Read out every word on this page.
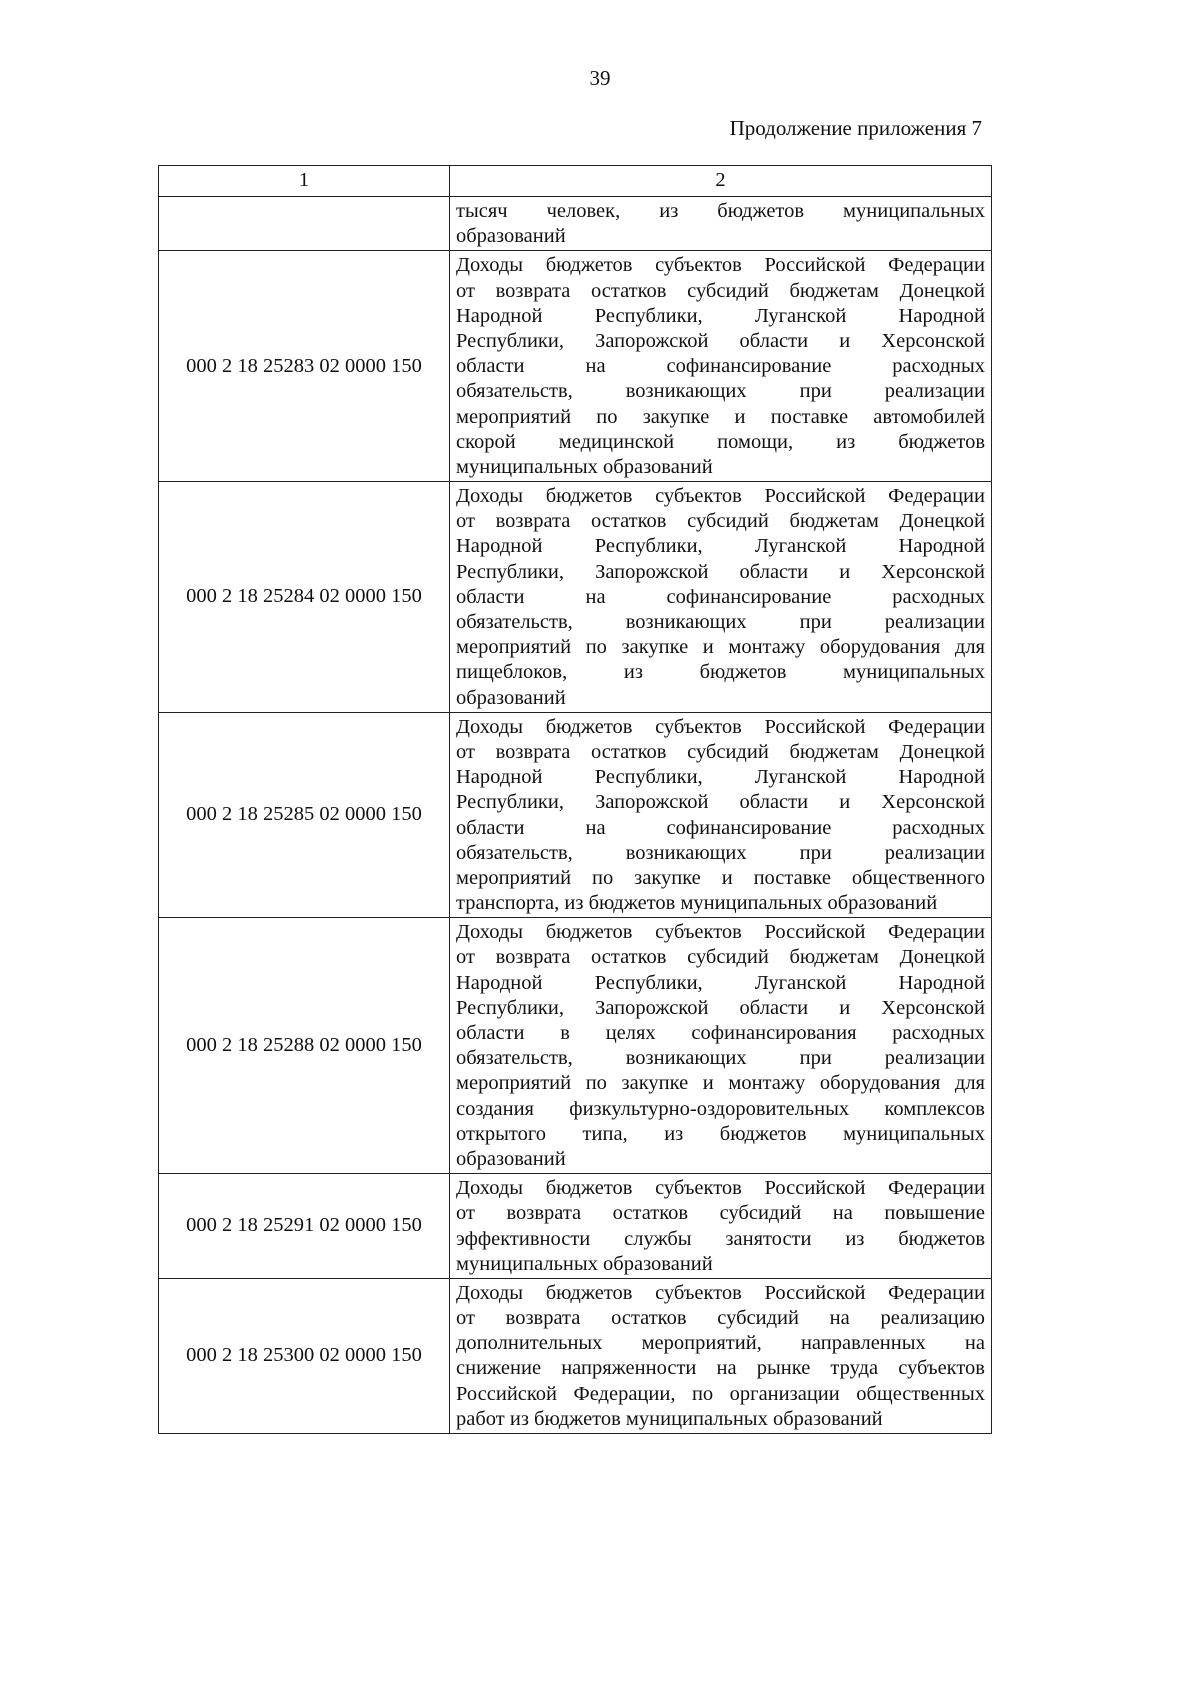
39
Продолжение приложения 7
1	2

	тысяч человек, из бюджетов муниципальных
образований

000 2 18 25283 02 0000 150	
Доходы бюджетов субъектов Российской Федерации
от возврата остатков субсидий бюджетам Донецкой
Народной Республики, Луганской Народной
Республики, Запорожской области и Херсонской
области на софинансирование расходных
обязательств, возникающих при реализации
мероприятий по закупке и поставке автомобилей
скорой медицинской помощи, из бюджетов
муниципальных образований

000 2 18 25284 02 0000 150	
Доходы бюджетов субъектов Российской Федерации
от возврата остатков субсидий бюджетам Донецкой
Народной Республики, Луганской Народной
Республики, Запорожской области и Херсонской
области на софинансирование расходных
обязательств, возникающих при реализации
мероприятий по закупке и монтажу оборудования для
пищеблоков, из бюджетов муниципальных
образований

000 2 18 25285 02 0000 150	
Доходы бюджетов субъектов Российской Федерации
от возврата остатков субсидий бюджетам Донецкой
Народной Республики, Луганской Народной
Республики, Запорожской области и Херсонской
области на софинансирование расходных
обязательств, возникающих при реализации
мероприятий по закупке и поставке общественного
транспорта, из бюджетов муниципальных образований

000 2 18 25288 02 0000 150	
Доходы бюджетов субъектов Российской Федерации
от возврата остатков субсидий бюджетам Донецкой
Народной Республики, Луганской Народной
Республики, Запорожской области и Херсонской
области в целях софинансирования расходных
обязательств, возникающих при реализации
мероприятий по закупке и монтажу оборудования для
создания физкультурно-оздоровительных комплексов
открытого типа, из бюджетов муниципальных
образований

000 2 18 25291 02 0000 150	Доходы бюджетов субъектов Российской Федерации
от возврата остатков субсидий на повышение
эффективности службы занятости из бюджетов
муниципальных образований

000 2 18 25300 02 0000 150	
Доходы бюджетов субъектов Российской Федерации
от возврата остатков субсидий на реализацию
дополнительных мероприятий, направленных на
снижение напряженности на рынке труда субъектов
Российской Федерации, по организации общественных
работ из бюджетов муниципальных образований
